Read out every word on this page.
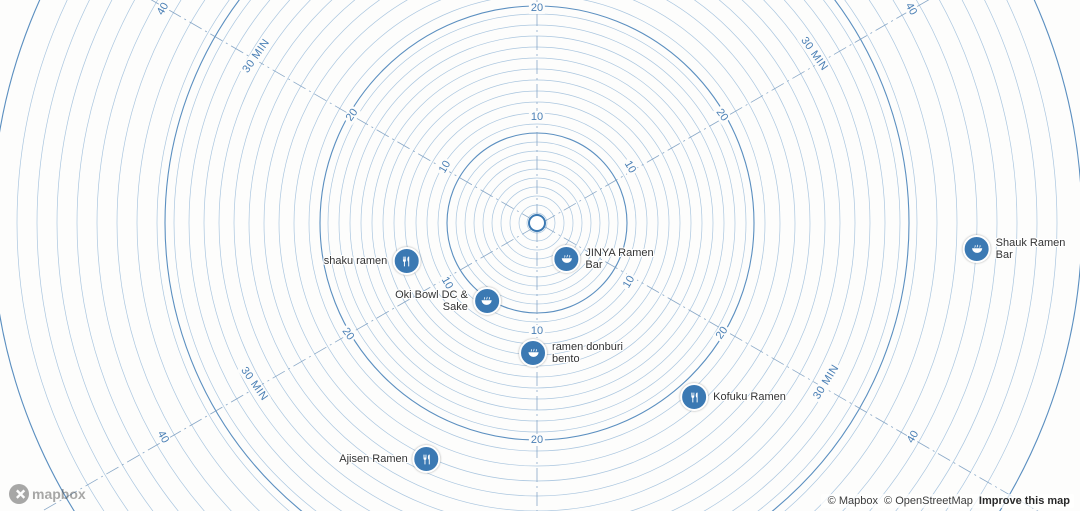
20
40	40
20	10	20
10	10
10	10
10
20	20
20
40	40
30 MIN	30 MIN
30 MIN	30 MIN
shaku ramen
JINYA Ramen
Bar
Oki Bowl DC &
Sake
ramen donburi
bento
Kofuku Ramen
Ajisen Ramen
Shauk Ramen
Bar
mapbox	© Mapbox © OpenStreetMap Improve this map
